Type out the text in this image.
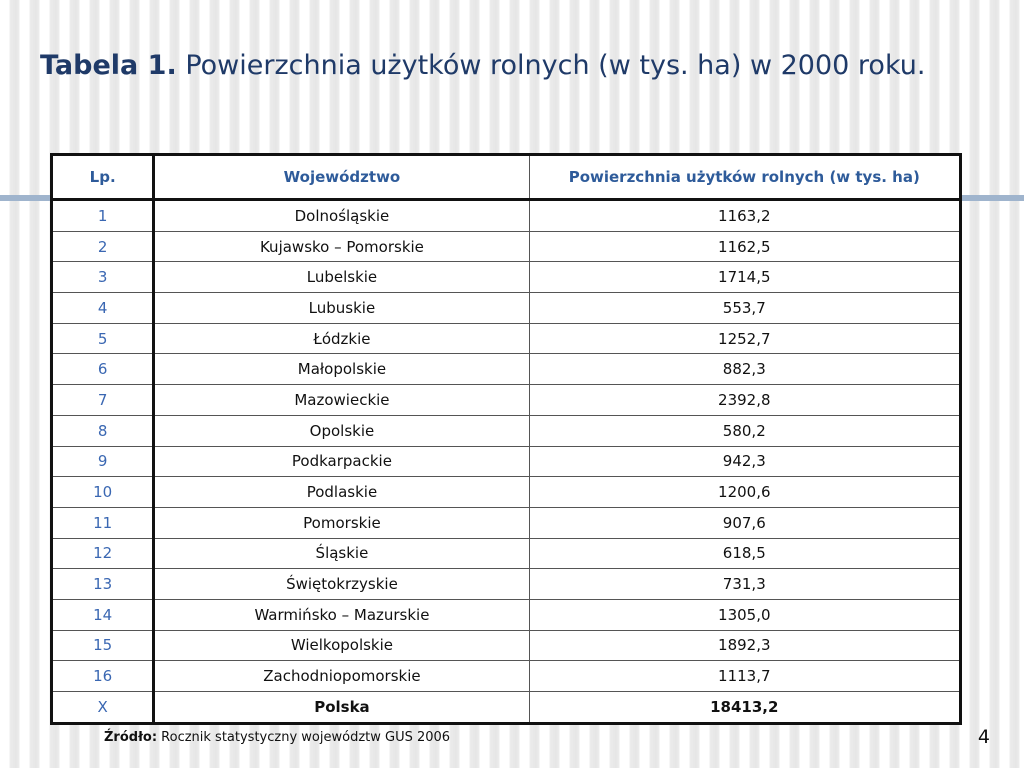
Tabela 1. Powierzchnia użytków rolnych (w tys. ha) w 2000 roku.
Lp.	Województwo	Powierzchnia użytków rolnych (w tys. ha)
1	Dolnośląskie	1163,2
2	Kujawsko – Pomorskie	1162,5
3	Lubelskie	1714,5
4	Lubuskie	553,7
5	Łódzkie	1252,7
6	Małopolskie	882,3
7	Mazowieckie	2392,8
8	Opolskie	580,2
9	Podkarpackie	942,3
10	Podlaskie	1200,6
11	Pomorskie	907,6
12	Śląskie	618,5
13	Świętokrzyskie	731,3
14	Warmińsko – Mazurskie	1305,0
15	Wielkopolskie	1892,3
16	Zachodniopomorskie	1113,7
X	Polska	18413,2
Źródło: Rocznik statystyczny województw GUS 2006	4
